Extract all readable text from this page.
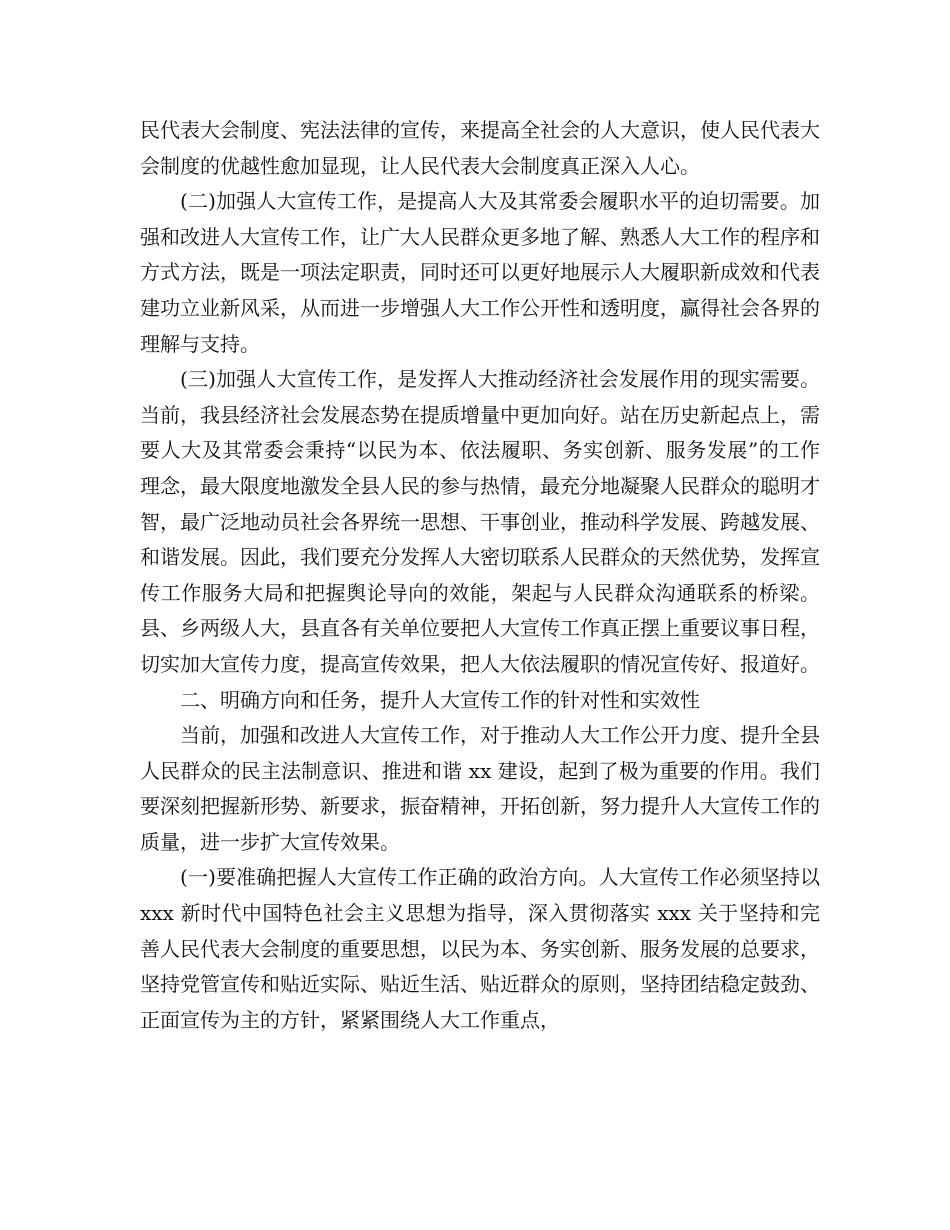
民代表大会制度、宪法法律的宣传，来提高全社会的人大意识，使人民代表大会制度的优越性愈加显现，让人民代表大会制度真正深入人心。

(二)加强人大宣传工作，是提高人大及其常委会履职水平的迫切需要。加强和改进人大宣传工作，让广大人民群众更多地了解、熟悉人大工作的程序和方式方法，既是一项法定职责，同时还可以更好地展示人大履职新成效和代表建功立业新风采，从而进一步增强人大工作公开性和透明度，赢得社会各界的理解与支持。

(三)加强人大宣传工作，是发挥人大推动经济社会发展作用的现实需要。当前，我县经济社会发展态势在提质增量中更加向好。站在历史新起点上，需要人大及其常委会秉持“以民为本、依法履职、务实创新、服务发展”的工作理念，最大限度地激发全县人民的参与热情，最充分地凝聚人民群众的聪明才智，最广泛地动员社会各界统一思想、干事创业，推动科学发展、跨越发展、和谐发展。因此，我们要充分发挥人大密切联系人民群众的天然优势，发挥宣传工作服务大局和把握舆论导向的效能，架起与人民群众沟通联系的桥梁。县、乡两级人大，县直各有关单位要把人大宣传工作真正摆上重要议事日程，切实加大宣传力度，提高宣传效果，把人大依法履职的情况宣传好、报道好。

二、明确方向和任务，提升人大宣传工作的针对性和实效性

当前，加强和改进人大宣传工作，对于推动人大工作公开力度、提升全县人民群众的民主法制意识、推进和谐 xx 建设，起到了极为重要的作用。我们要深刻把握新形势、新要求，振奋精神，开拓创新，努力提升人大宣传工作的质量，进一步扩大宣传效果。

(一)要准确把握人大宣传工作正确的政治方向。人大宣传工作必须坚持以 xxx 新时代中国特色社会主义思想为指导，深入贯彻落实 xxx 关于坚持和完善人民代表大会制度的重要思想，以民为本、务实创新、服务发展的总要求，坚持党管宣传和贴近实际、贴近生活、贴近群众的原则，坚持团结稳定鼓劲、正面宣传为主的方针，紧紧围绕人大工作重点，
